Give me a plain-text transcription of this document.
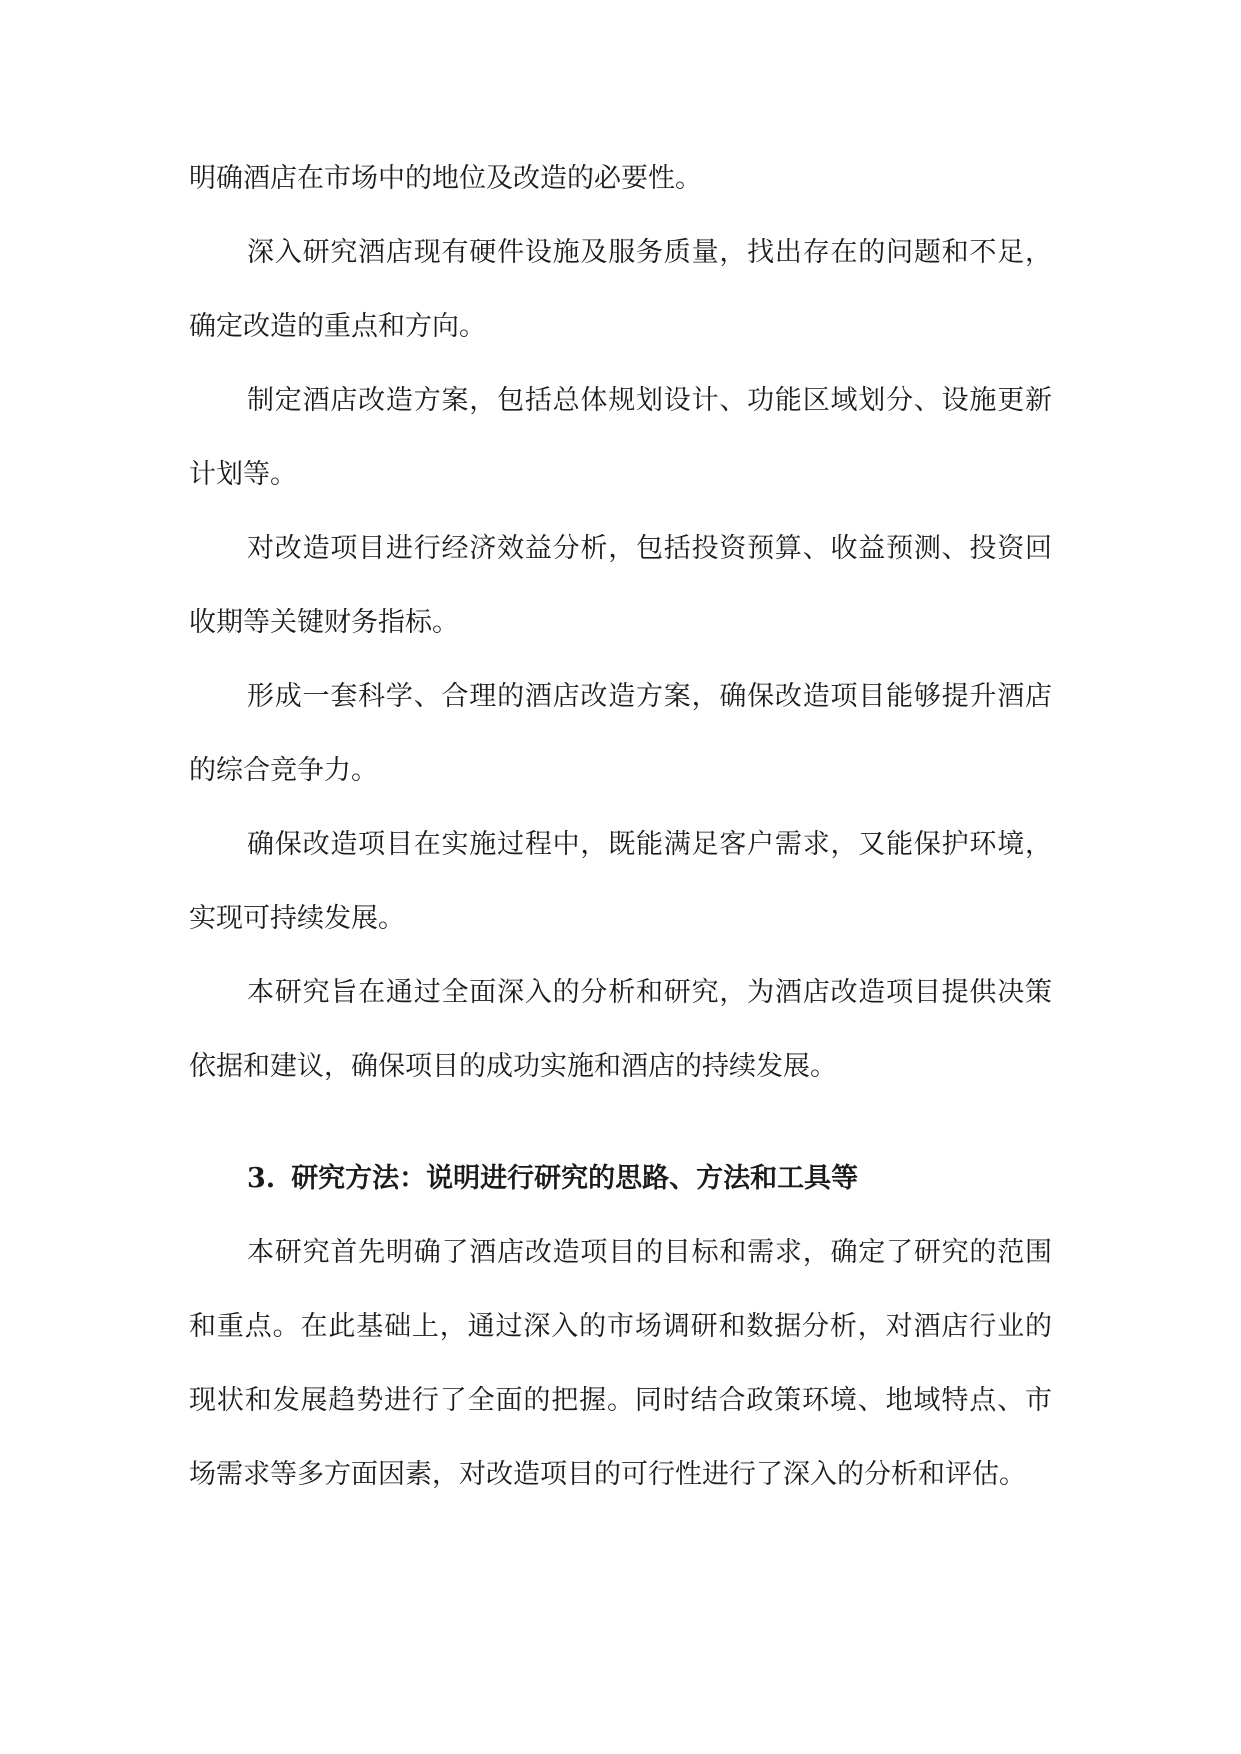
明确酒店在市场中的地位及改造的必要性。

深入研究酒店现有硬件设施及服务质量，找出存在的问题和不足，确定改造的重点和方向。

制定酒店改造方案，包括总体规划设计、功能区域划分、设施更新计划等。

对改造项目进行经济效益分析，包括投资预算、收益预测、投资回收期等关键财务指标。

形成一套科学、合理的酒店改造方案，确保改造项目能够提升酒店的综合竞争力。

确保改造项目在实施过程中，既能满足客户需求，又能保护环境，实现可持续发展。

本研究旨在通过全面深入的分析和研究，为酒店改造项目提供决策依据和建议，确保项目的成功实施和酒店的持续发展。

3. 研究方法：说明进行研究的思路、方法和工具等

本研究首先明确了酒店改造项目的目标和需求，确定了研究的范围和重点。在此基础上，通过深入的市场调研和数据分析，对酒店行业的现状和发展趋势进行了全面的把握。同时结合政策环境、地域特点、市场需求等多方面因素，对改造项目的可行性进行了深入的分析和评估。
